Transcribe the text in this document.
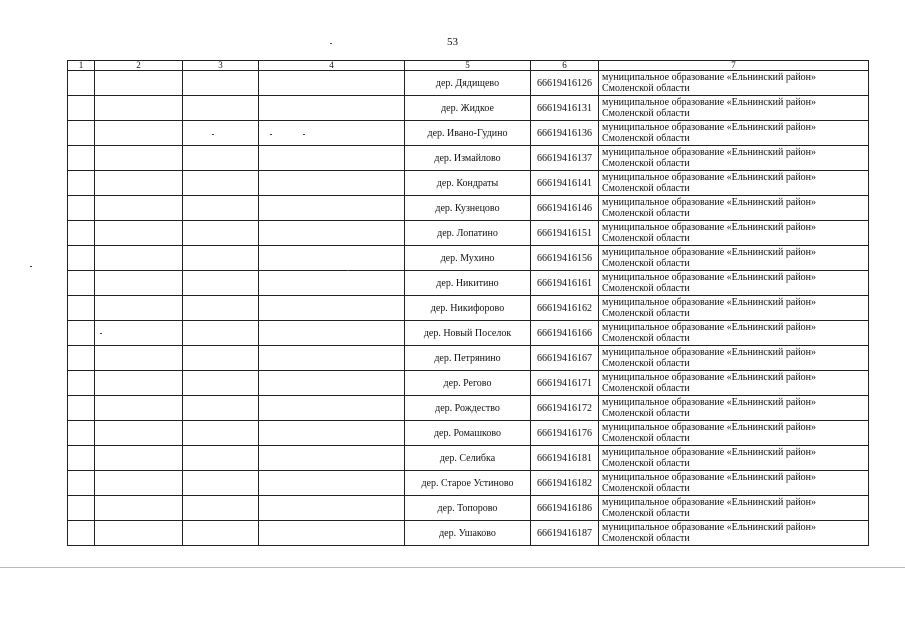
53
1	2	3	4	5	6	7
				дер. Дядищево	66619416126	муниципальное образование «Ельнинский район»
Смоленской области

				дер. Жидкое	66619416131	муниципальное образование «Ельнинский район»
Смоленской области

				дер. Ивано-Гудино	66619416136	муниципальное образование «Ельнинский район»
Смоленской области

				дер. Измайлово	66619416137	муниципальное образование «Ельнинский район»
Смоленской области

				дер. Кондраты	66619416141	муниципальное образование «Ельнинский район»
Смоленской области

				дер. Кузнецово	66619416146	муниципальное образование «Ельнинский район»
Смоленской области

				дер. Лопатино	66619416151	муниципальное образование «Ельнинский район»
Смоленской области

				дер. Мухино	66619416156	муниципальное образование «Ельнинский район»
Смоленской области

				дер. Никитино	66619416161	муниципальное образование «Ельнинский район»
Смоленской области

				дер. Никифорово	66619416162	муниципальное образование «Ельнинский район»
Смоленской области

				дер. Новый Поселок	66619416166	муниципальное образование «Ельнинский район»
Смоленской области

				дер. Петрянино	66619416167	муниципальное образование «Ельнинский район»
Смоленской области

				дер. Регово	66619416171	муниципальное образование «Ельнинский район»
Смоленской области

				дер. Рождество	66619416172	муниципальное образование «Ельнинский район»
Смоленской области

				дер. Ромашково	66619416176	муниципальное образование «Ельнинский район»
Смоленской области

				дер. Селибка	66619416181	муниципальное образование «Ельнинский район»
Смоленской области

				дер. Старое Устиново	66619416182	муниципальное образование «Ельнинский район»
Смоленской области

				дер. Топорово	66619416186	муниципальное образование «Ельнинский район»
Смоленской области

				дер. Ушаково	66619416187	муниципальное образование «Ельнинский район»
Смоленской области
